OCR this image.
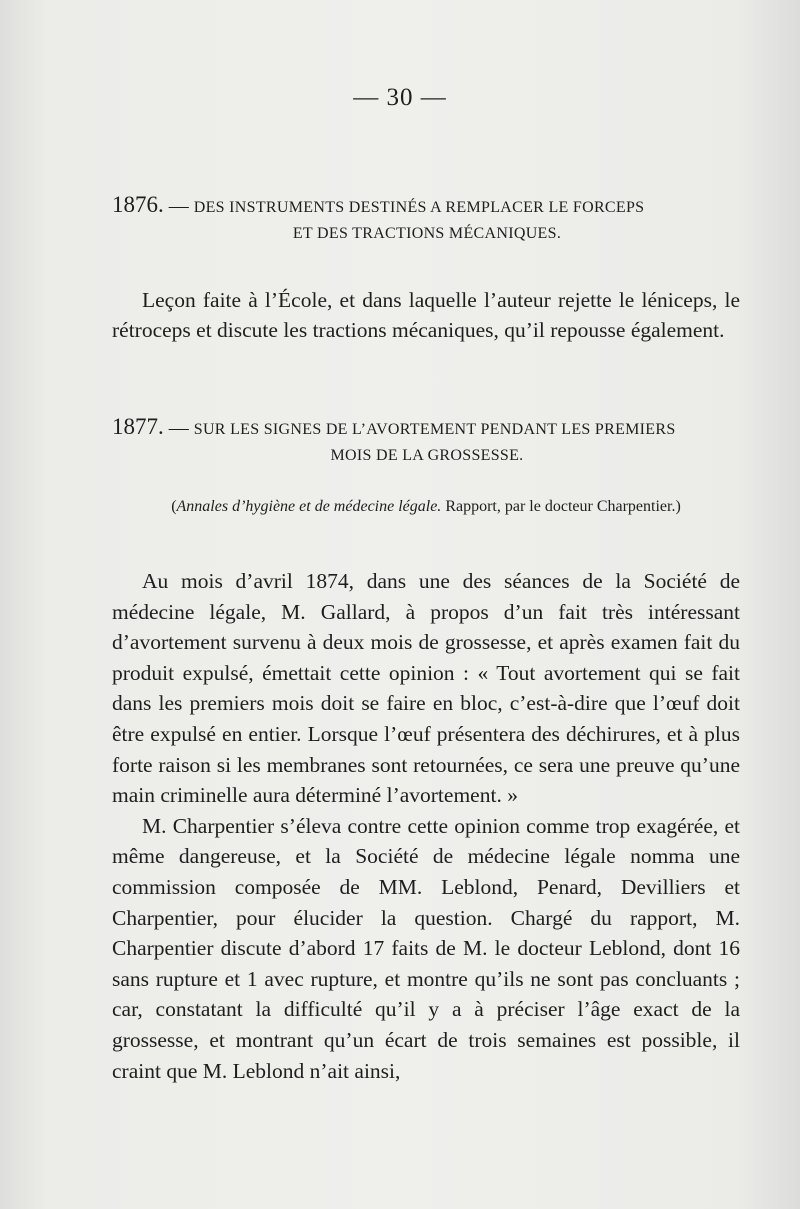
— 30 —
1876. — DES INSTRUMENTS DESTINÉS A REMPLACER LE FORCEPS
ET DES TRACTIONS MÉCANIQUES.

Leçon faite à l’École, et dans laquelle l’auteur rejette le léniceps, le rétroceps et discute les tractions mécaniques, qu’il repousse également.

1877. — SUR LES SIGNES DE L’AVORTEMENT PENDANT LES PREMIERS
MOIS DE LA GROSSESSE.
(Annales d’hygiène et de médecine légale. Rapport, par le docteur Charpentier.)

Au mois d’avril 1874, dans une des séances de la Société de médecine légale, M. Gallard, à propos d’un fait très intéressant d’avortement survenu à deux mois de grossesse, et après examen fait du produit expulsé, émettait cette opinion : « Tout avortement qui se fait dans les premiers mois doit se faire en bloc, c’est-à-dire que l’œuf doit être expulsé en entier. Lorsque l’œuf présentera des déchirures, et à plus forte raison si les membranes sont retournées, ce sera une preuve qu’une main criminelle aura déterminé l’avortement. »

M. Charpentier s’éleva contre cette opinion comme trop exagérée, et même dangereuse, et la Société de médecine légale nomma une commission composée de MM. Leblond, Penard, Devilliers et Charpentier, pour élucider la question. Chargé du rapport, M. Charpentier discute d’abord 17 faits de M. le docteur Leblond, dont 16 sans rupture et 1 avec rupture, et montre qu’ils ne sont pas concluants ; car, constatant la difficulté qu’il y a à préciser l’âge exact de la grossesse, et montrant qu’un écart de trois semaines est possible, il craint que M. Leblond n’ait ainsi,
